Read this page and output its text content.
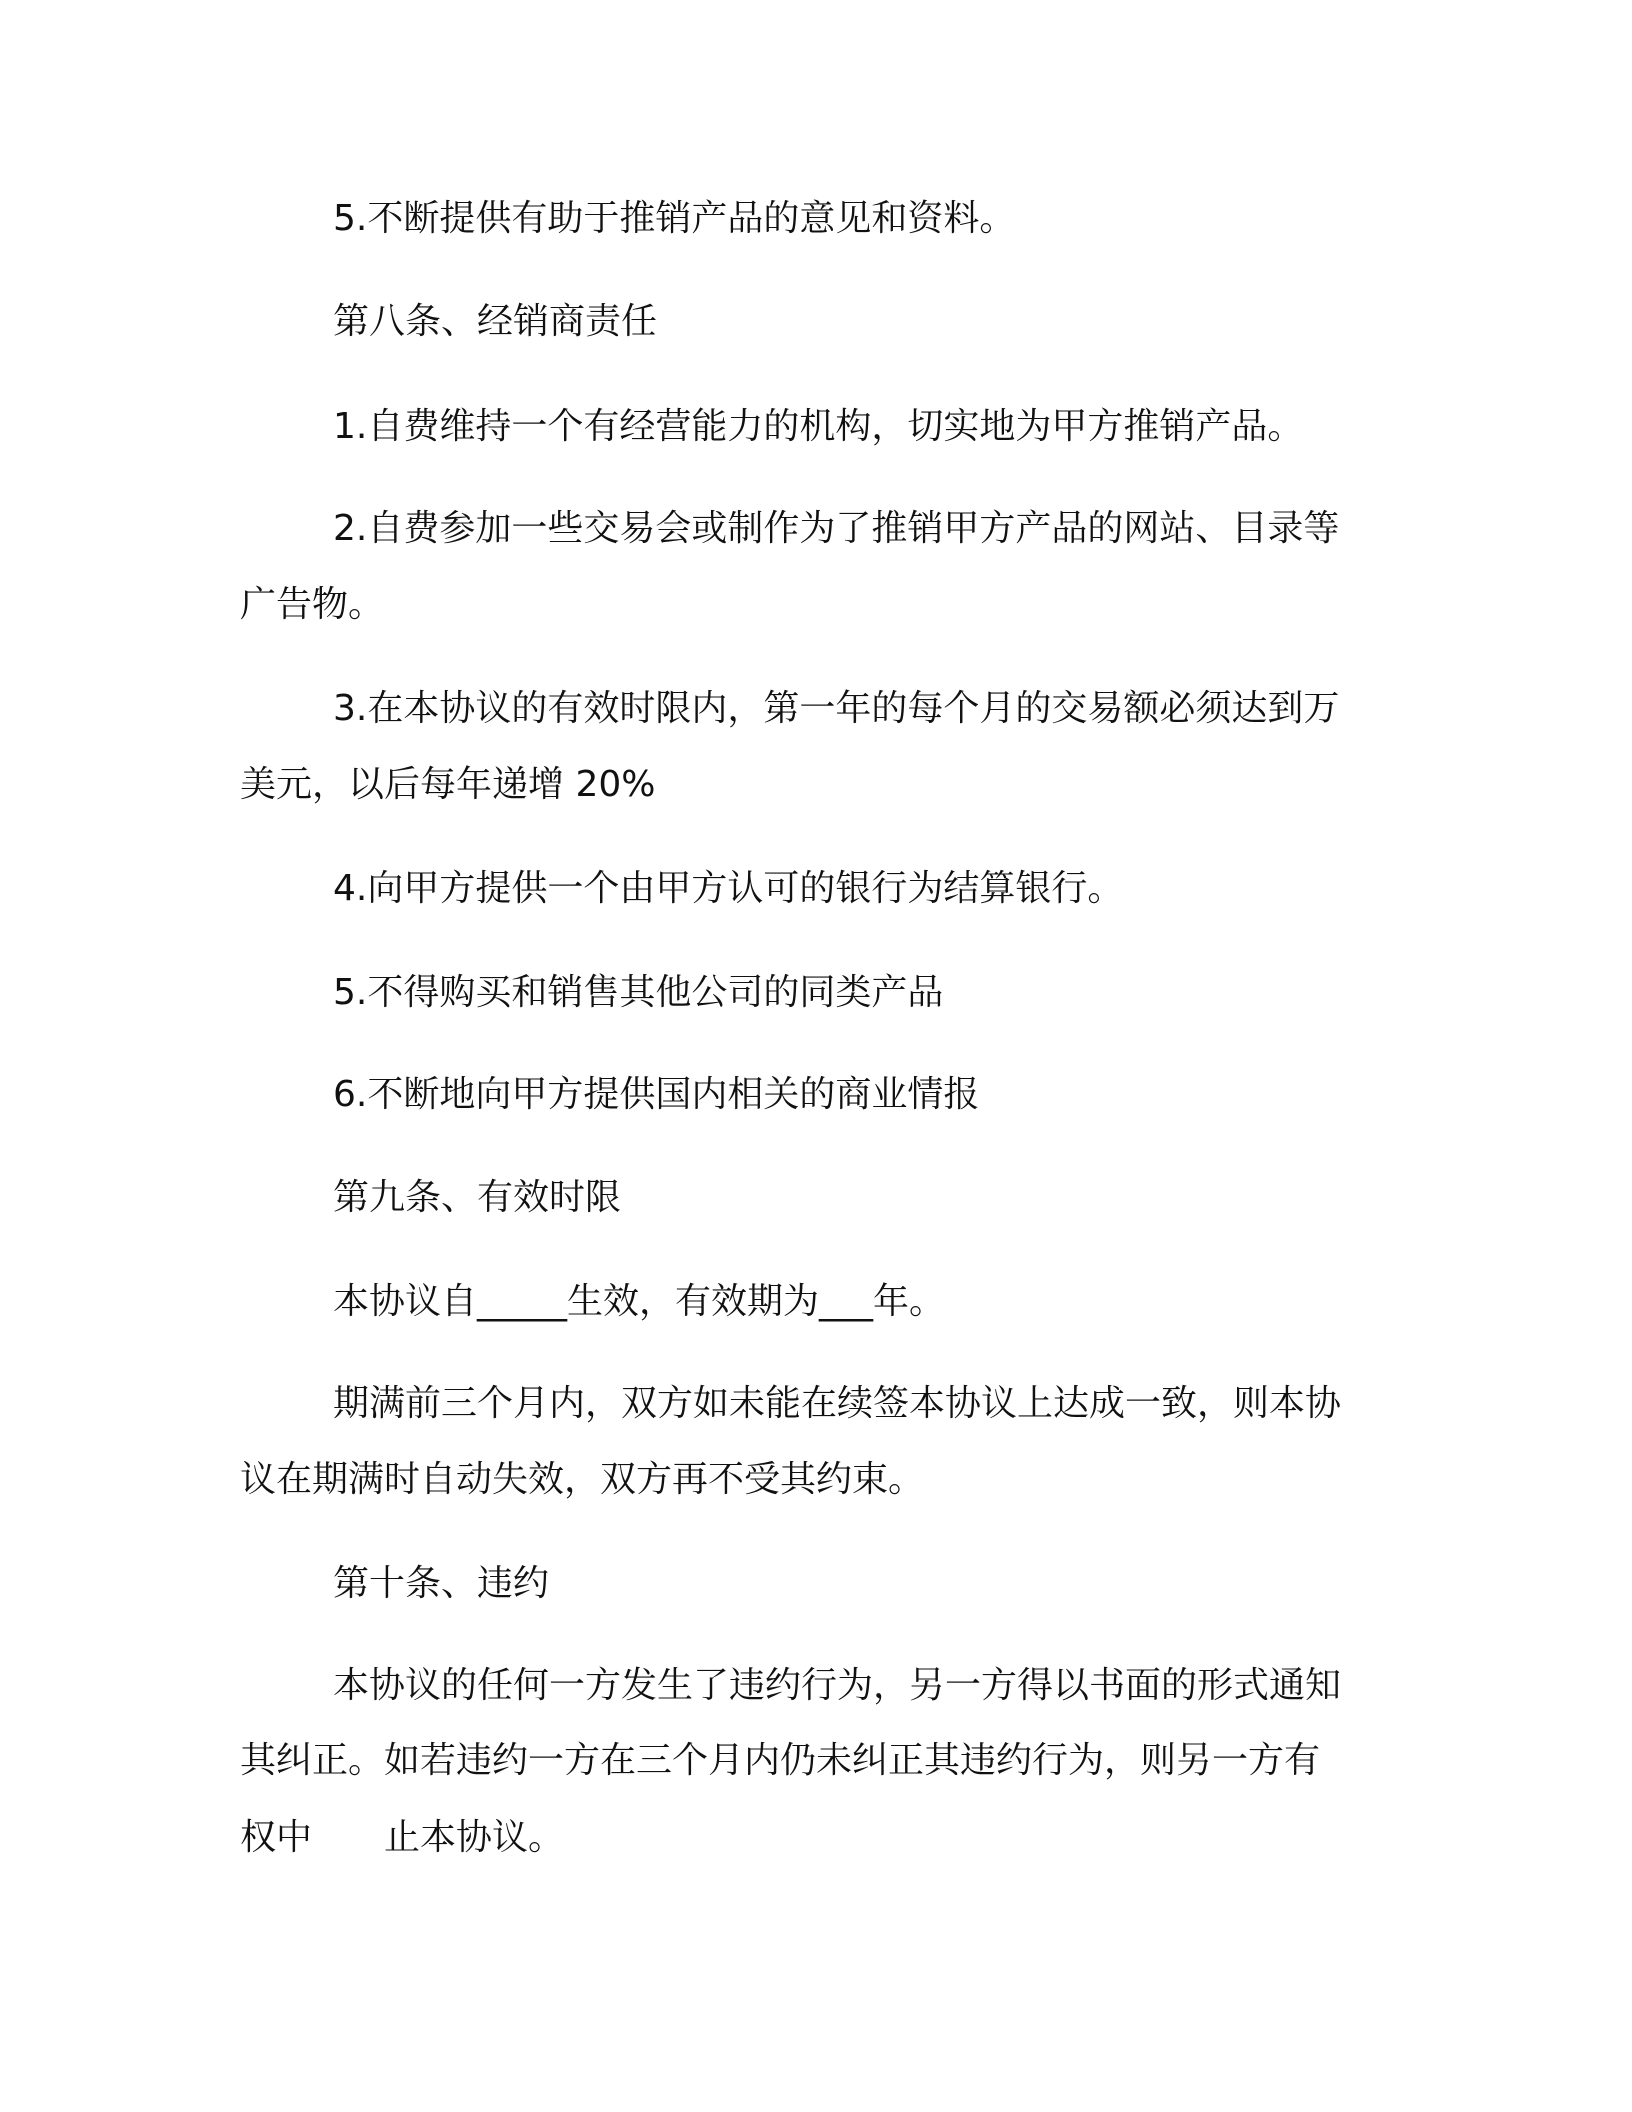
5.不断提供有助于推销产品的意见和资料。

第八条、经销商责任

1.自费维持一个有经营能力的机构，切实地为甲方推销产品。

2.自费参加一些交易会或制作为了推销甲方产品的网站、目录等

广告物。

3.在本协议的有效时限内，第一年的每个月的交易额必须达到万

美元，以后每年递增 20%

4.向甲方提供一个由甲方认可的银行为结算银行。

5.不得购买和销售其他公司的同类产品

6.不断地向甲方提供国内相关的商业情报

第九条、有效时限

本协议自_____生效，有效期为___年。

期满前三个月内，双方如未能在续签本协议上达成一致，则本协

议在期满时自动失效，双方再不受其约束。

第十条、违约

本协议的任何一方发生了违约行为，另一方得以书面的形式通知

其纠正。如若违约一方在三个月内仍未纠正其违约行为，则另一方有

权中　　止本协议。
